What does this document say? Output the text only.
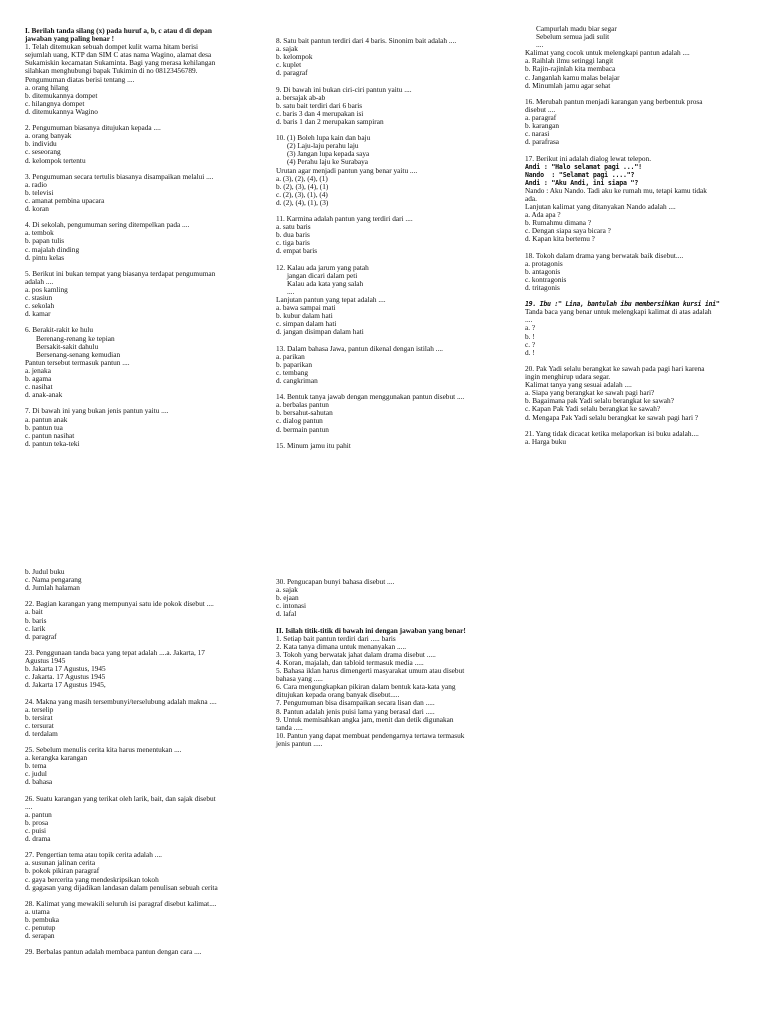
I. Berilah tanda silang (x) pada huruf a, b, c atau d di depan
jawaban yang paling benar !
1. Telah ditemukan sebuah dompet kulit warna hitam berisi
sejumlah uang, KTP dan SIM C atas nama Wagino, alamat desa
Sukamiskin kecamatan Sukaminta. Bagi yang merasa kehilangan
silahkan menghubungi bapak Tukimin di no 08123456789.
Pengumuman diatas berisi tentang ....
a. orang hilang
b. ditemukannya dompet
c. hilangnya dompet
d. ditemukannya Wagino
2. Pengumuman biasanya ditujukan kepada ....
a. orang banyak
b. individu
c. seseorang
d. kelompok tertentu
3. Pengumuman secara tertulis biasanya disampaikan melalui ....
a. radio
b. televisi
c. amanat pembina upacara
d. koran
4. Di sekolah, pengumuman sering ditempelkan pada ....
a. tembok
b. papan tulis
c. majalah dinding
d. pintu kelas
5. Berikut ini bukan tempat yang biasanya terdapat pengumuman
adalah ....
a. pos kamling
c. stasiun
c. sekolah
d. kamar
6. Berakit-rakit ke hulu
Berenang-renang ke tepian
Bersakit-sakit dahulu
Bersenang-senang kemudian
Pantun tersebut termasuk pantun ....
a. jenaka
b. agama
c. nasihat
d. anak-anak
7. Di bawah ini yang bukan jenis pantun yaitu ....
a. pantun anak
b. pantun tua
c. pantun nasihat
d. pantun teka-teki
8. Satu bait pantun terdiri dari 4 baris. Sinonim bait adalah ....
a. sajak
b. kelompok
c. kuplet
d. paragraf
9. Di bawah ini bukan ciri-ciri pantun yaitu ....
a. bersajak ab-ab
b. satu bait terdiri dari 6 baris
c. baris 3 dan 4 merupakan isi
d. baris 1 dan 2 merupakan sampiran
10. (1) Boleh lupa kain dan baju
(2) Laju-laju perahu laju
(3) Jangan lupa kepada saya
(4) Perahu laju ke Surabaya
Urutan agar menjadi pantun yang benar yaitu ....
a. (3), (2), (4), (1)
b. (2), (3), (4), (1)
c. (2), (3), (1), (4)
d. (2), (4), (1), (3)
11. Karmina adalah pantun yang terdiri dari ....
a. satu baris
b. dua baris
c. tiga baris
d. empat baris
12. Kalau ada jarum yang patah
jangan dicari dalam peti
Kalau ada kata yang salah
....
Lanjutan pantun yang tepat adalah ....
a. bawa sampai mati
b. kubur dalam hati
c. simpan dalam hati
d. jangan disimpan dalam hati
13. Dalam bahasa Jawa, pantun dikenal dengan istilah ....
a. parikan
b. paparikan
c. tembang
d. cangkriman
14. Bentuk tanya jawab dengan menggunakan pantun disebut ....
a. berbalas pantun
b. bersahut-sahutan
c. dialog pantun
d. bermain pantun
15. Minum jamu itu pahit
Campurlah madu biar segar
Sebelum semua jadi sulit
....
Kalimat yang cocok untuk melengkapi pantun adalah ....
a. Raihlah ilmu setinggi langit
b. Rajin-rajinlah kita membaca
c. Janganlah kamu malas belajar
d. Minumlah jamu agar sehat
16. Merubah pantun menjadi karangan yang berbentuk prosa
disebut ....
a. paragraf
b. karangan
c. narasi
d. parafrasa
17. Berikut ini adalah dialog lewat telepon.
Andi : "Halo selamat pagi ..."!
Nando  : "Selamat pagi ...."?
Andi : "Aku Andi, ini siapa "?
Nando : Aku Nando. Tadi aku ke rumah mu, tetapi kamu tidak
ada.
Lanjutan kalimat yang ditanyakan Nando adalah ....
a. Ada apa ?
b. Rumahmu dimana ?
c. Dengan siapa saya bicara ?
d. Kapan kita bertemu ?
18. Tokoh dalam drama yang berwatak baik disebut....
a. protagonis
b. antagonis
c. kontragonis
d. tritagonis
19. Ibu :" Lina, bantulah ibu membersihkan kursi ini"
Tanda baca yang benar untuk melengkapi kalimat di atas adalah
....
a. ?
b. !
c. ?
d. !
20. Pak Yadi selalu berangkat ke sawah pada pagi hari karena
ingin menghirup udara segar.
Kalimat tanya yang sesuai adalah ....
a. Siapa yang berangkat ke sawah pagi hari?
b. Bagaimana pak Yadi selalu berangkat ke sawah?
c. Kapan Pak Yadi selalu berangkat ke sawah?
d. Mengapa Pak Yadi selalu berangkat ke sawah pagi hari ?
21. Yang tidak dicacat ketika melaporkan isi buku adalah....
a. Harga buku
b. Judul buku
c. Nama pengarang
d. Jumlah halaman
22. Bagian karangan yang mempunyai satu ide pokok disebut ....
a. bait
b. baris
c. larik
d. paragraf
23. Penggunaan tanda baca yang tepat adalah ....a. Jakarta, 17
Agustus 1945
b. Jakarta 17 Agustus, 1945
c. Jakarta. 17 Agustus 1945
d. Jakarta 17 Agustus 1945,
24. Makna yang masih tersembunyi/terselubung adalah makna ....
a. terselip
b. tersirat
c. tersurat
d. terdalam
25. Sebelum menulis cerita kita harus menentukan ....
a. kerangka karangan
b. tema
c. judul
d. bahasa
26. Suatu karangan yang terikat oleh larik, bait, dan sajak disebut
....
a. pantun
b. prosa
c. puisi
d. drama
27. Pengertian tema atau topik cerita adalah ....
a. susunan jalinan cerita
b. pokok pikiran paragraf
c. gaya bercerita yang mendeskripsikan tokoh
d. gagasan yang dijadikan landasan dalam penulisan sebuah cerita
28. Kalimat yang mewakili seluruh isi paragraf disebut kalimat....
a. utama
b. pembuka
c. penutup
d. serapan
29. Berbalas pantun adalah membaca pantun dengan cara ....
30. Pengucapan bunyi bahasa disebut ....
a. sajak
b. ejaan
c. intonasi
d. lafal
II. Isilah titik-titik di bawah ini dengan jawaban yang benar!
1. Setiap bait pantun terdiri dari ..... baris
2. Kata tanya dimana untuk menanyakan .....
3. Tokoh yang berwatak jahat dalam drama disebut .....
4. Koran, majalah, dan tabloid termasuk media .....
5. Bahasa iklan harus dimengerti masyarakat umum atau disebut
bahasa yang .....
6. Cara mengungkapkan pikiran dalam bentuk kata-kata yang
ditujukan kepada orang banyak disebut.....
7. Pengumuman bisa disampaikan secara lisan dan .....
8. Pantun adalah jenis puisi lama yang berasal dari .....
9. Untuk memisahkan angka jam, menit dan detik digunakan
tanda .....
10. Pantun yang dapat membuat pendengarnya tertawa termasuk
jenis pantun .....
